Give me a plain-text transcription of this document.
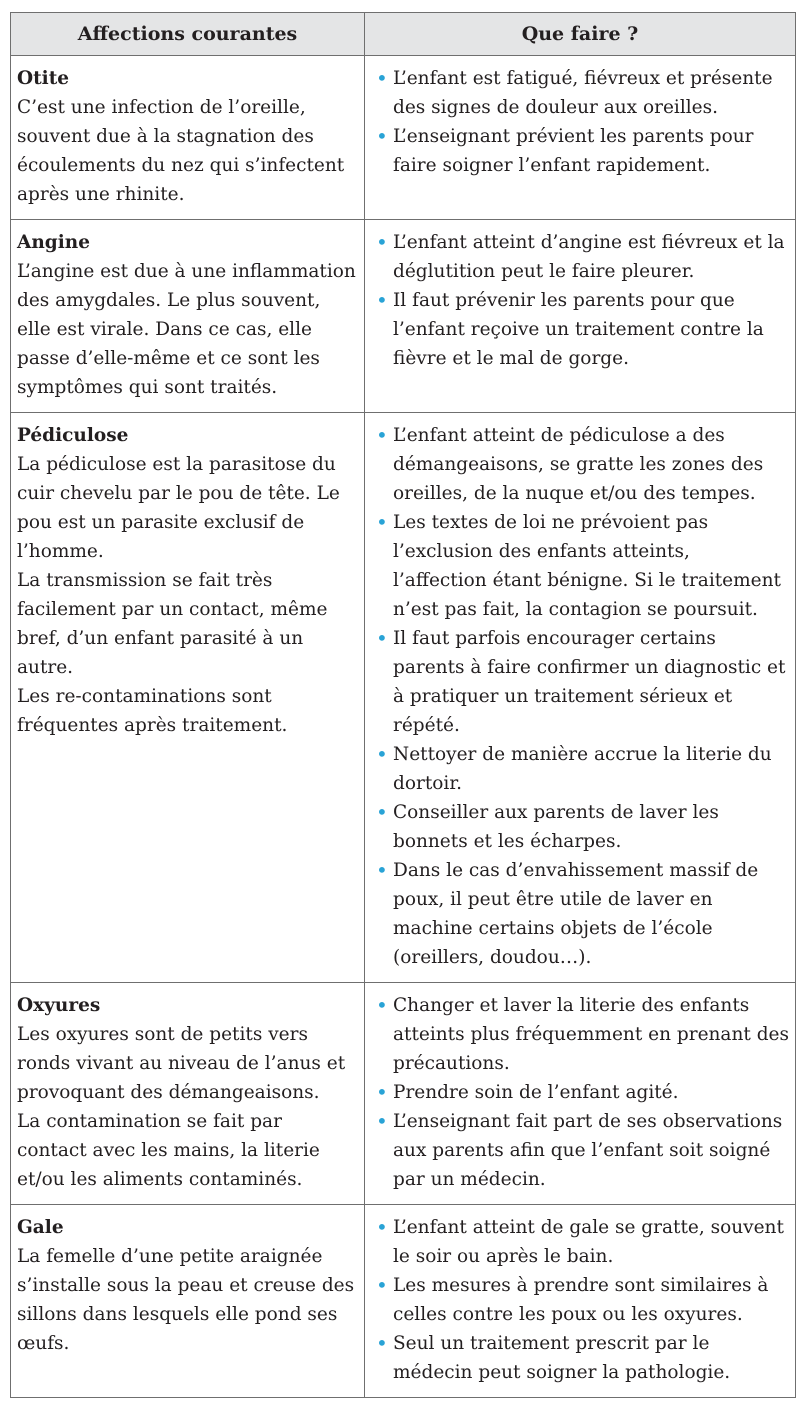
Affections courantes	Que faire ?
Otite
C’est une infection de l’oreille, souvent due à la stagnation des écoulements du nez qui s’infectent après une rhinite.
• L’enfant est fatigué, fiévreux et présente des signes de douleur aux oreilles.
• L’enseignant prévient les parents pour faire soigner l’enfant rapidement.
Angine
L’angine est due à une inflammation des amygdales. Le plus souvent, elle est virale. Dans ce cas, elle passe d’elle-même et ce sont les symptômes qui sont traités.
• L’enfant atteint d’angine est fiévreux et la déglutition peut le faire pleurer.
• Il faut prévenir les parents pour que l’enfant reçoive un traitement contre la fièvre et le mal de gorge.
Pédiculose
La pédiculose est la parasitose du cuir chevelu par le pou de tête. Le pou est un parasite exclusif de l’homme.
La transmission se fait très facilement par un contact, même bref, d’un enfant parasité à un autre.
Les re-contaminations sont fréquentes après traitement.
• L’enfant atteint de pédiculose a des démangeaisons, se gratte les zones des oreilles, de la nuque et/ou des tempes.
• Les textes de loi ne prévoient pas l’exclusion des enfants atteints, l’affection étant bénigne. Si le traitement n’est pas fait, la contagion se poursuit.
• Il faut parfois encourager certains parents à faire confirmer un diagnostic et à pratiquer un traitement sérieux et répété.
• Nettoyer de manière accrue la literie du dortoir.
• Conseiller aux parents de laver les bonnets et les écharpes.
• Dans le cas d’envahissement massif de poux, il peut être utile de laver en machine certains objets de l’école (oreillers, doudou…).
Oxyures
Les oxyures sont de petits vers ronds vivant au niveau de l’anus et provoquant des démangeaisons.
La contamination se fait par contact avec les mains, la literie et/ou les aliments contaminés.
• Changer et laver la literie des enfants atteints plus fréquemment en prenant des précautions.
• Prendre soin de l’enfant agité.
• L’enseignant fait part de ses observations aux parents afin que l’enfant soit soigné par un médecin.
Gale
La femelle d’une petite araignée s’installe sous la peau et creuse des sillons dans lesquels elle pond ses œufs.
• L’enfant atteint de gale se gratte, souvent le soir ou après le bain.
• Les mesures à prendre sont similaires à celles contre les poux ou les oxyures.
• Seul un traitement prescrit par le médecin peut soigner la pathologie.
